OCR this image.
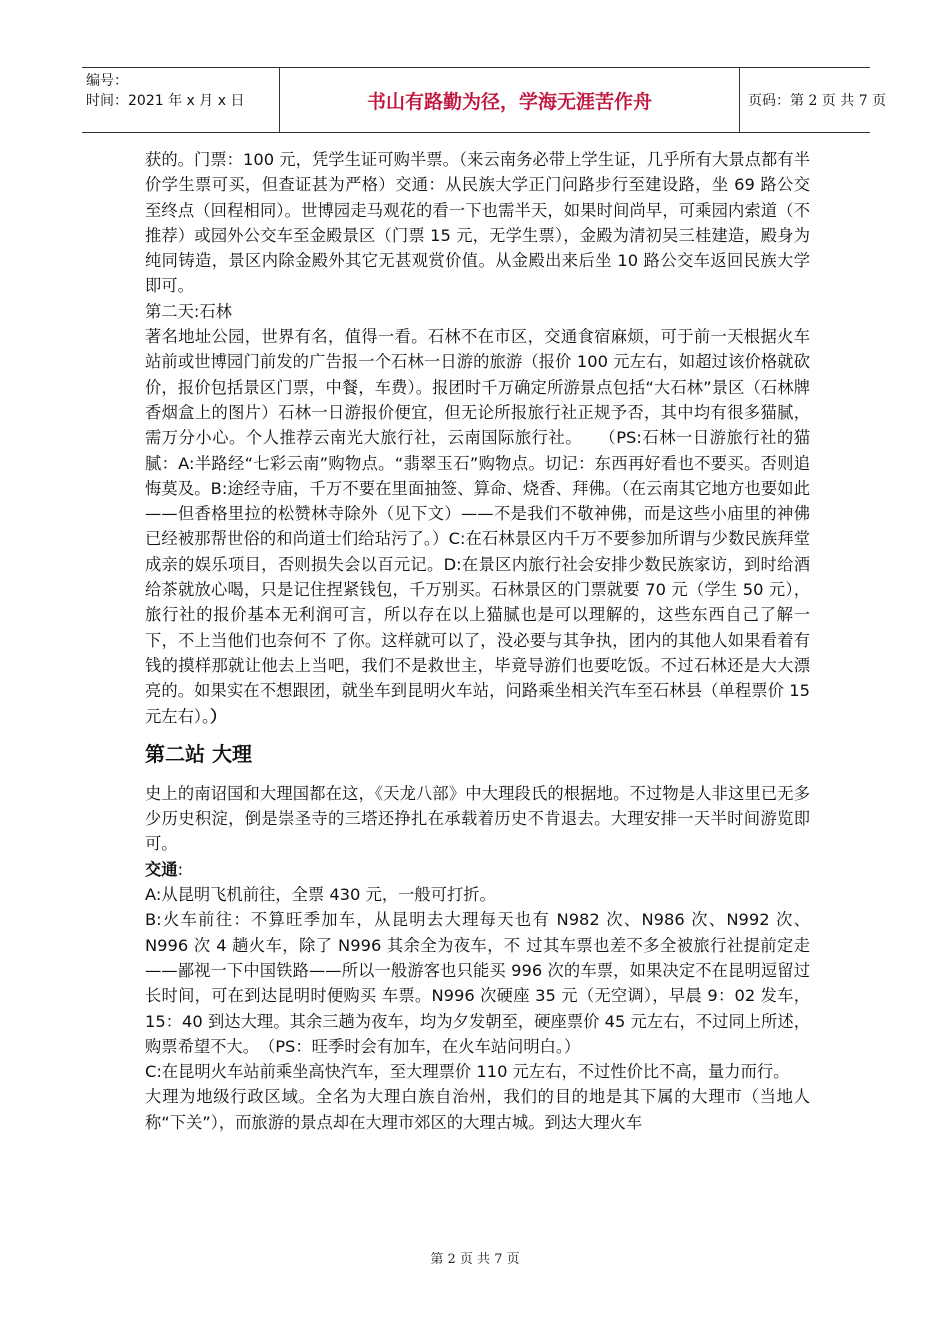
编号：
时间：2021 年 x 月 x 日	书山有路勤为径，学海无涯苦作舟	页码：第 2 页 共 7 页

获的。门票：100 元，凭学生证可购半票。（来云南务必带上学生证，几乎所有大景点都有半价学生票可买，但查证甚为严格）交通：从民族大学正门问路步行至建设路，坐 69 路公交至终点（回程相同）。世博园走马观花的看一下也需半天，如果时间尚早，可乘园内索道（不推荐）或园外公交车至金殿景区（门票 15 元，无学生票），金殿为清初吴三桂建造，殿身为纯同铸造，景区内除金殿外其它无甚观赏价值。从金殿出来后坐 10 路公交车返回民族大学即可。

第二天:石林

著名地址公园，世界有名，值得一看。石林不在市区，交通食宿麻烦，可于前一天根据火车站前或世博园门前发的广告报一个石林一日游的旅游（报价 100 元左右，如超过该价格就砍价，报价包括景区门票，中餐，车费）。报团时千万确定所游景点包括“大石林”景区（石林牌香烟盒上的图片）石林一日游报价便宜，但无论所报旅行社正规予否，其中均有很多猫腻，需万分小心。个人推荐云南光大旅行社，云南国际旅行社。　　 （PS:石林一日游旅行社的猫腻：A:半路经“七彩云南”购物点。“翡翠玉石”购物点。切记：东西再好看也不要买。否则追悔莫及。B:途经寺庙，千万不要在里面抽签、算命、烧香、拜佛。（在云南其它地方也要如此——但香格里拉的松赞林寺除外（见下文）——不是我们不敬神佛，而是这些小庙里的神佛已经被那帮世俗的和尚道士们给玷污了。）C:在石林景区内千万不要参加所谓与少数民族拜堂成亲的娱乐项目，否则损失会以百元记。D:在景区内旅行社会安排少数民族家访，到时给酒给茶就放心喝，只是记住捏紧钱包，千万别买。石林景区的门票就要 70 元（学生 50 元），旅行社的报价基本无利润可言，所以存在以上猫腻也是可以理解的，这些东西自己了解一下，不上当他们也奈何不 了你。这样就可以了，没必要与其争执，团内的其他人如果看着有钱的摸样那就让他去上当吧，我们不是救世主，毕竟导游们也要吃饭。不过石林还是大大漂亮的。如果实在不想跟团，就坐车到昆明火车站，问路乘坐相关汽车至石林县（单程票价 15 元左右）。）

第二站 大理

史上的南诏国和大理国都在这，《天龙八部》中大理段氏的根据地。不过物是人非这里已无多少历史积淀，倒是崇圣寺的三塔还挣扎在承载着历史不肯退去。大理安排一天半时间游览即可。

交通:

A:从昆明飞机前往，全票 430 元，一般可打折。

B:火车前往：不算旺季加车，从昆明去大理每天也有 N982 次、N986 次、N992 次、N996 次 4 趟火车，除了 N996 其余全为夜车，不 过其车票也差不多全被旅行社提前定走——鄙视一下中国铁路——所以一般游客也只能买 996 次的车票，如果决定不在昆明逗留过长时间，可在到达昆明时便购买 车票。N996 次硬座 35 元（无空调），早晨 9：02 发车，15：40 到达大理。其余三趟为夜车，均为夕发朝至，硬座票价 45 元左右，不过同上所述，购票希望不大。　（PS：旺季时会有加车，在火车站问明白。）

C:在昆明火车站前乘坐高快汽车，至大理票价 110 元左右，不过性价比不高，量力而行。

大理为地级行政区域。全名为大理白族自治州，我们的目的地是其下属的大理市（当地人称“下关”），而旅游的景点却在大理市郊区的大理古城。到达大理火车

第 2 页 共 7 页
